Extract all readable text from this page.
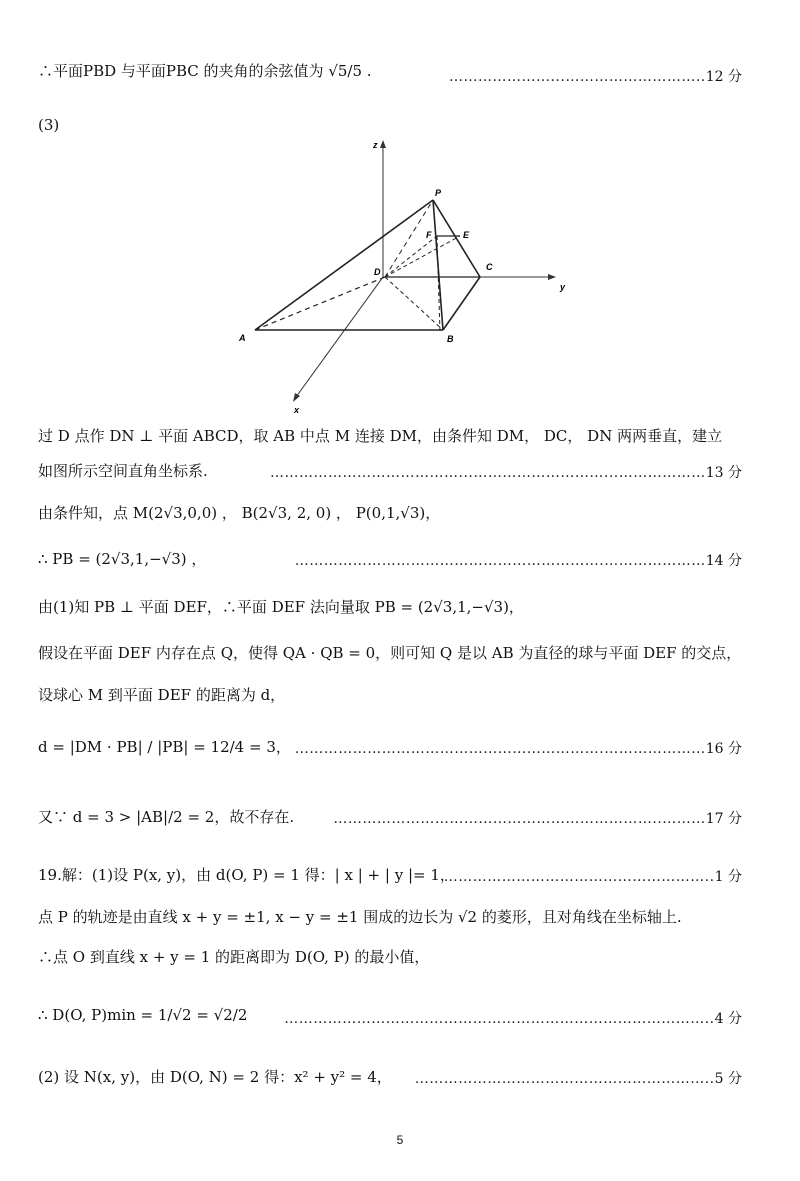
∴平面PBD 与平面PBC 的夹角的余弦值为 √5/5 .	…………………...………………………..12 分
(3)
z
y
x
P
F	E
D	C
A	B
过 D 点作 DN ⊥ 平面 ABCD，取 AB 中点 M 连接 DM，由条件知 DM， DC， DN 两两垂直，建立
如图所示空间直角坐标系.	…………………………………...………………………...………………13 分
由条件知，点 M(2√3,0,0) ， B(2√3, 2, 0) ， P(0,1,√3)，
∴ PB = (2√3,1,−√3) ，	……………………………………………………….…………………14 分
由(1)知 PB ⊥ 平面 DEF，∴平面 DEF 法向量取 PB = (2√3,1,−√3)，
假设在平面 DEF 内存在点 Q，使得 QA · QB = 0，则可知 Q 是以 AB 为直径的球与平面 DEF 的交点，
设球心 M 到平面 DEF 的距离为 d，
d = |DM · PB| / |PB| = 12/4 = 3， ……………………………………………………….…………………16 分
又∵ d = 3 > |AB|/2 = 2，故不存在.	…………………………………………………………..………17 分
19.解：(1)设 P(x, y)，由 d(O, P) = 1 得：| x | + | y |= 1，
………………………………………………..1 分
点 P 的轨迹是由直线 x + y = ±1, x − y = ±1 围成的边长为 √2 的菱形，且对角线在坐标轴上.
∴点 O 到直线 x + y = 1 的距离即为 D(O, P) 的最小值，
∴ D(O, P)min = 1/√2 = √2/2	……………………………………………………………………………..4 分
(2) 设 N(x, y)，由 D(O, N) = 2 得：x² + y² = 4， ……………………………………………………..5 分
5
